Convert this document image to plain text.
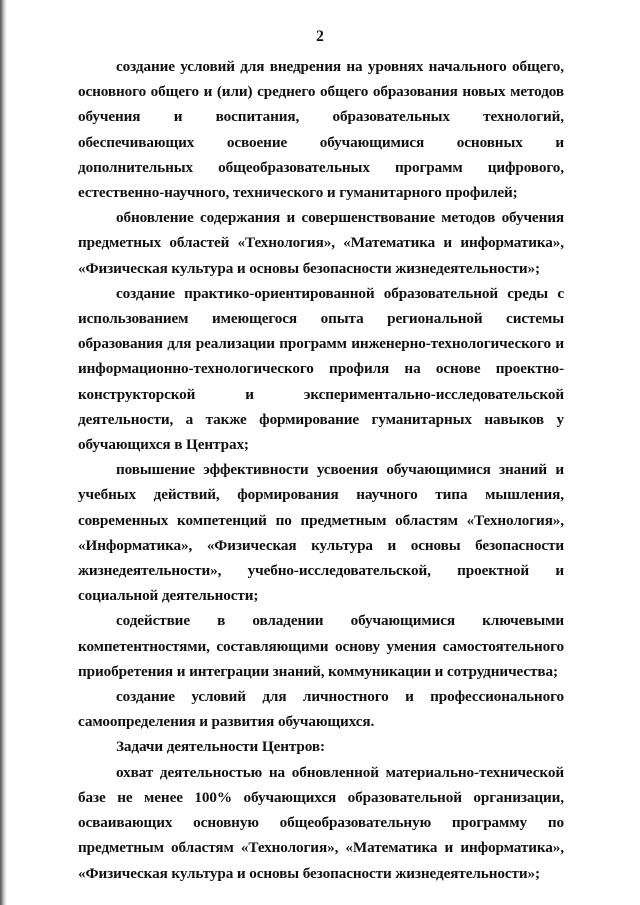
2

создание условий для внедрения на уровнях начального общего, основного общего и (или) среднего общего образования новых методов обучения и воспитания, образовательных технологий, обеспечивающих освоение обучающимися основных и дополнительных общеобразовательных программ цифрового, естественно-научного, технического и гуманитарного профилей;

обновление содержания и совершенствование методов обучения предметных областей «Технология», «Математика и информатика», «Физическая культура и основы безопасности жизнедеятельности»;

создание практико-ориентированной образовательной среды с использованием имеющегося опыта региональной системы образования для реализации программ инженерно-технологического и информационно-технологического профиля на основе проектно-конструкторской и экспериментально-исследовательской деятельности, а также формирование гуманитарных навыков у обучающихся в Центрах;

повышение эффективности усвоения обучающимися знаний и учебных действий, формирования научного типа мышления, современных компетенций по предметным областям «Технология», «Информатика», «Физическая культура и основы безопасности жизнедеятельности», учебно-исследовательской, проектной и социальной деятельности;

содействие в овладении обучающимися ключевыми компетентностями, составляющими основу умения самостоятельного приобретения и интеграции знаний, коммуникации и сотрудничества;

создание условий для личностного и профессионального самоопределения и развития обучающихся.

Задачи деятельности Центров:

охват деятельностью на обновленной материально-технической базе не менее 100% обучающихся образовательной организации, осваивающих основную общеобразовательную программу по предметным областям «Технология», «Математика и информатика», «Физическая культура и основы безопасности жизнедеятельности»;
